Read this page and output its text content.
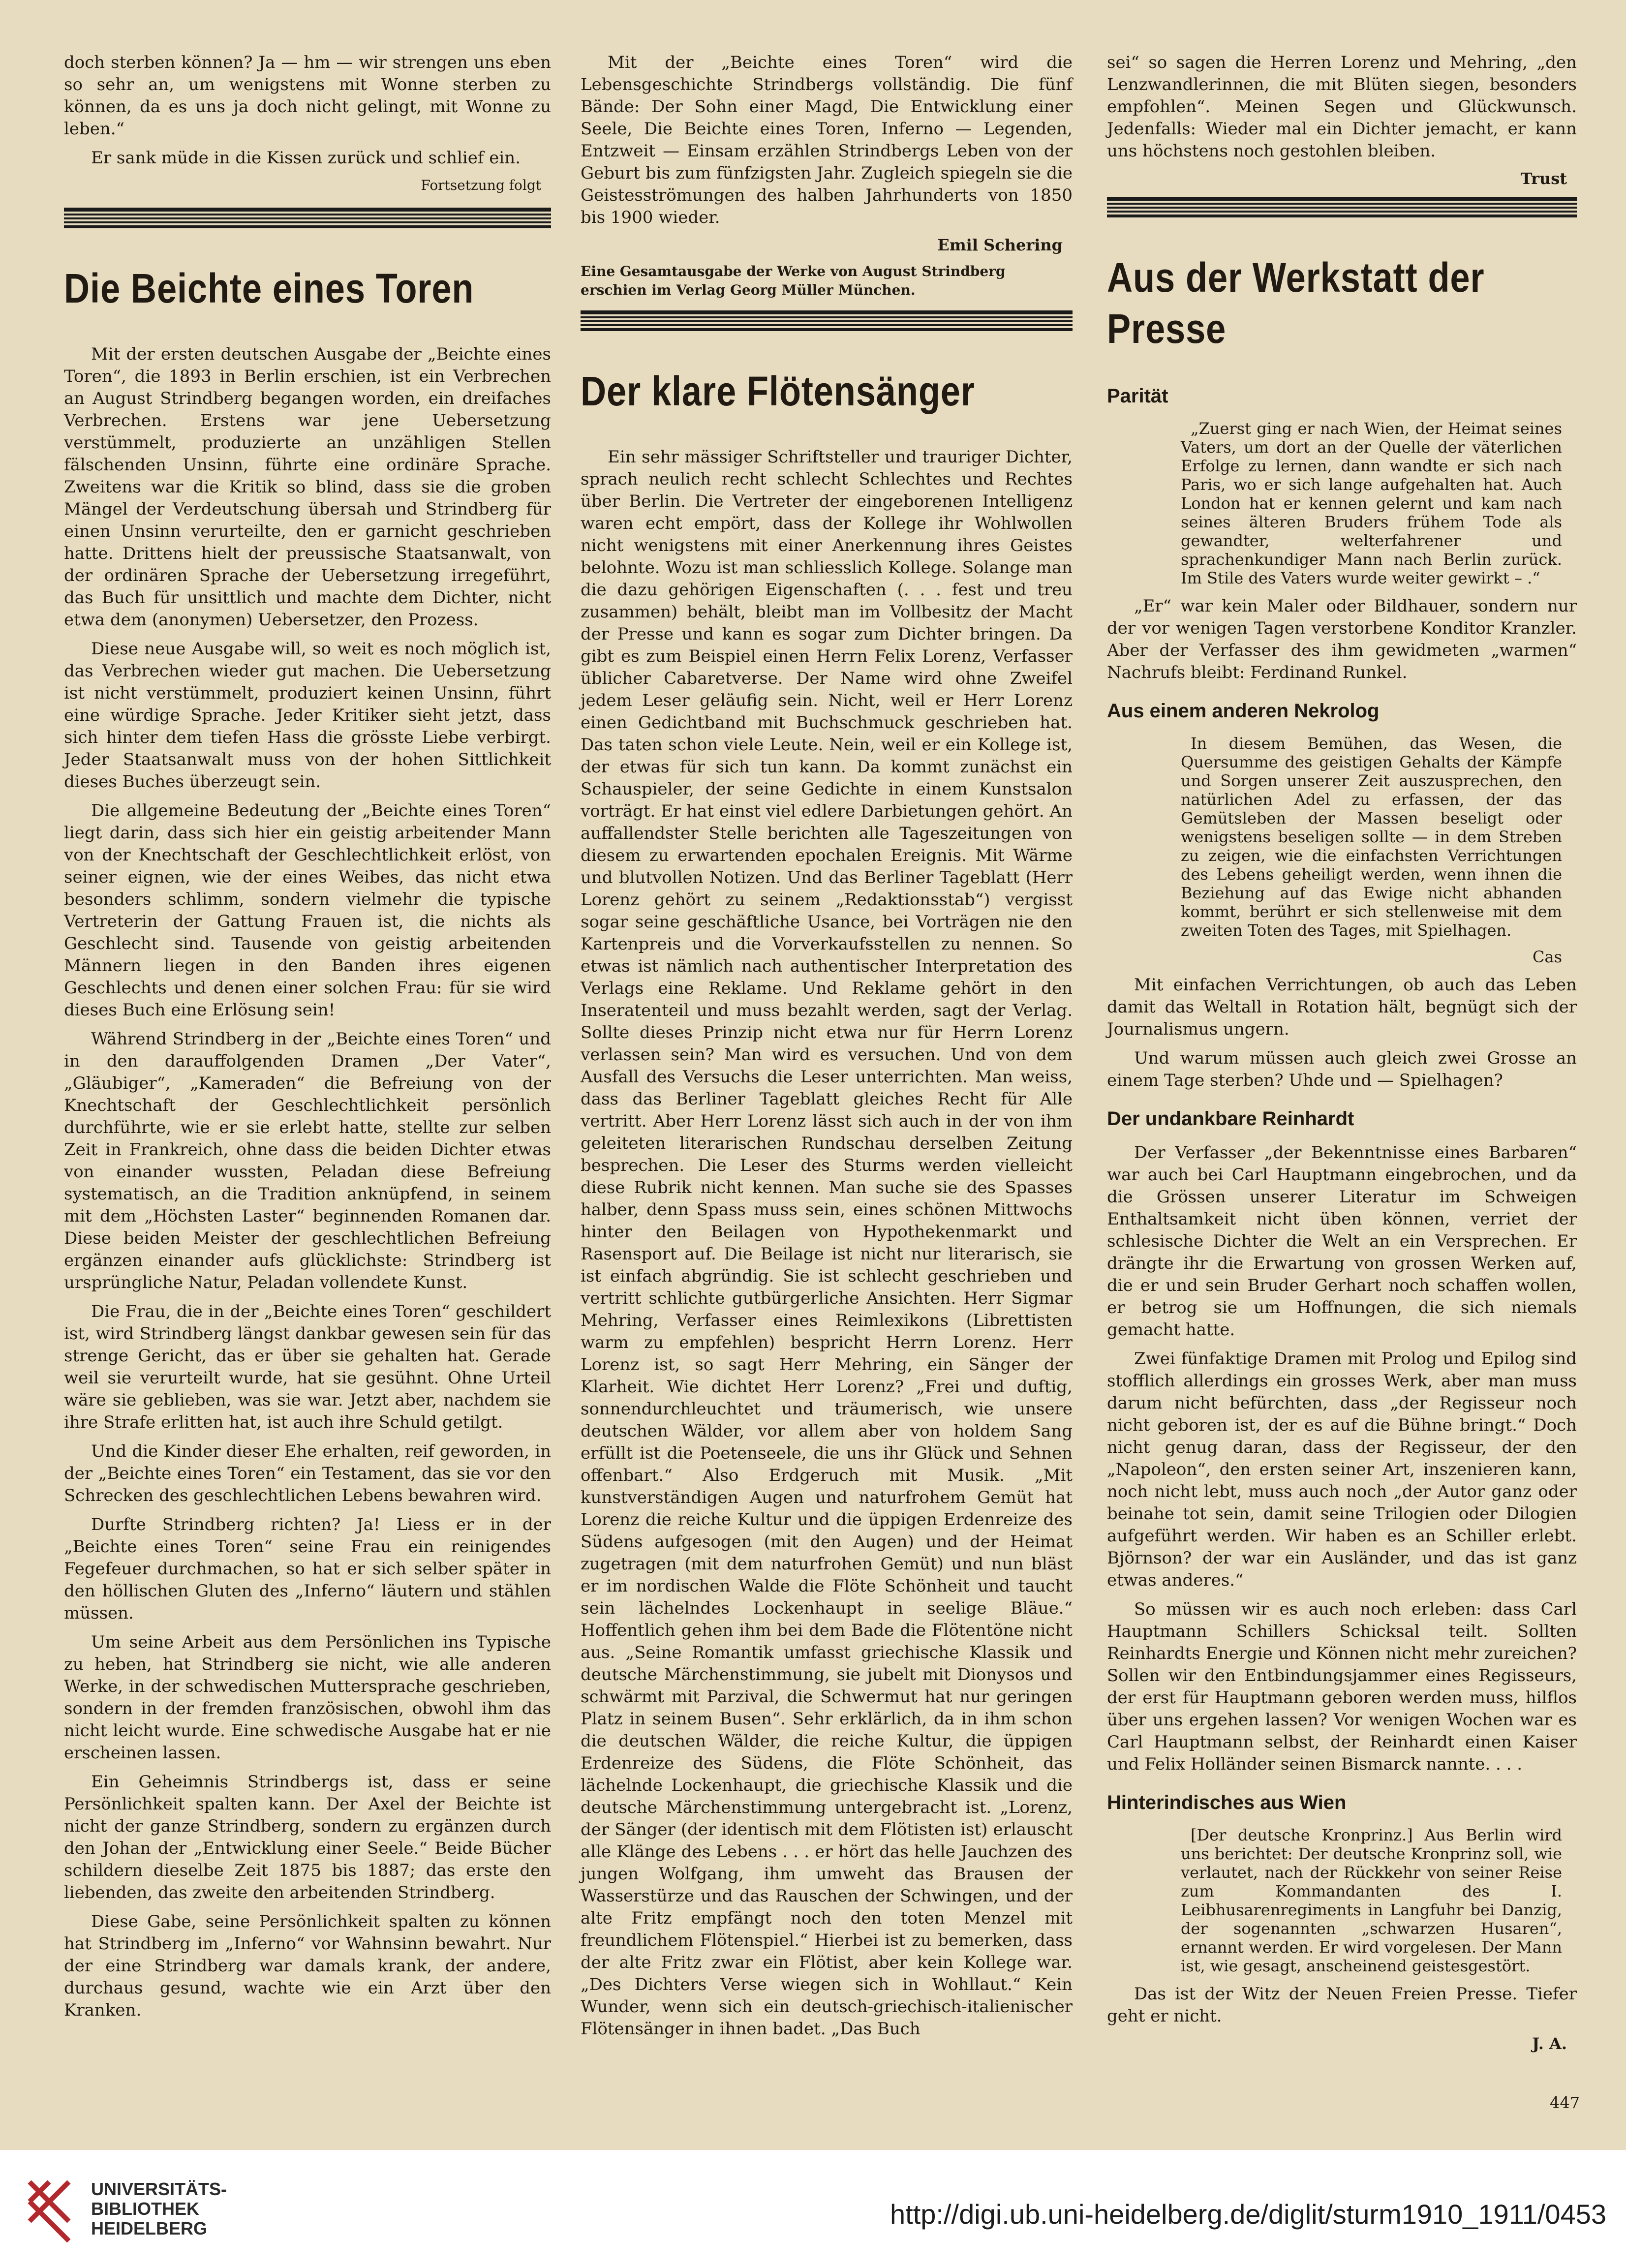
doch sterben können? Ja — hm — wir strengen uns eben so sehr an, um wenigstens mit Wonne sterben zu können, da es uns ja doch nicht gelingt, mit Wonne zu leben.“

Er sank müde in die Kissen zurück und schlief ein.

Fortsetzung folgt
Die Beichte eines Toren

Mit der ersten deutschen Ausgabe der „Beichte eines Toren“, die 1893 in Berlin erschien, ist ein Verbrechen an August Strindberg begangen worden, ein dreifaches Verbrechen. Erstens war jene Uebersetzung verstümmelt, produzierte an unzähligen Stellen fälschenden Unsinn, führte eine ordinäre Sprache. Zweitens war die Kritik so blind, dass sie die groben Mängel der Verdeutschung übersah und Strindberg für einen Unsinn verurteilte, den er garnicht geschrieben hatte. Drittens hielt der preussische Staatsanwalt, von der ordinären Sprache der Uebersetzung irregeführt, das Buch für unsittlich und machte dem Dichter, nicht etwa dem (anonymen) Uebersetzer, den Prozess.

Diese neue Ausgabe will, so weit es noch möglich ist, das Verbrechen wieder gut machen. Die Uebersetzung ist nicht verstümmelt, produziert keinen Unsinn, führt eine würdige Sprache. Jeder Kritiker sieht jetzt, dass sich hinter dem tiefen Hass die grösste Liebe verbirgt. Jeder Staatsanwalt muss von der hohen Sittlichkeit dieses Buches überzeugt sein.

Die allgemeine Bedeutung der „Beichte eines Toren“ liegt darin, dass sich hier ein geistig arbeitender Mann von der Knechtschaft der Geschlechtlichkeit erlöst, von seiner eignen, wie der eines Weibes, das nicht etwa besonders schlimm, sondern vielmehr die typische Vertreterin der Gattung Frauen ist, die nichts als Geschlecht sind. Tausende von geistig arbeitenden Männern liegen in den Banden ihres eigenen Geschlechts und denen einer solchen Frau: für sie wird dieses Buch eine Erlösung sein!

Während Strindberg in der „Beichte eines Toren“ und in den darauffolgenden Dramen „Der Vater“, „Gläubiger“, „Kameraden“ die Befreiung von der Knechtschaft der Geschlechtlichkeit persönlich durchführte, wie er sie erlebt hatte, stellte zur selben Zeit in Frankreich, ohne dass die beiden Dichter etwas von einander wussten, Peladan diese Befreiung systematisch, an die Tradition anknüpfend, in seinem mit dem „Höchsten Laster“ beginnenden Romanen dar. Diese beiden Meister der geschlechtlichen Befreiung ergänzen einander aufs glücklichste: Strindberg ist ursprüngliche Natur, Peladan vollendete Kunst.

Die Frau, die in der „Beichte eines Toren“ geschildert ist, wird Strindberg längst dankbar gewesen sein für das strenge Gericht, das er über sie gehalten hat. Gerade weil sie verurteilt wurde, hat sie gesühnt. Ohne Urteil wäre sie geblieben, was sie war. Jetzt aber, nachdem sie ihre Strafe erlitten hat, ist auch ihre Schuld getilgt.

Und die Kinder dieser Ehe erhalten, reif geworden, in der „Beichte eines Toren“ ein Testament, das sie vor den Schrecken des geschlechtlichen Lebens bewahren wird.

Durfte Strindberg richten? Ja! Liess er in der „Beichte eines Toren“ seine Frau ein reinigendes Fegefeuer durchmachen, so hat er sich selber später in den höllischen Gluten des „Inferno“ läutern und stählen müssen.

Um seine Arbeit aus dem Persönlichen ins Typische zu heben, hat Strindberg sie nicht, wie alle anderen Werke, in der schwedischen Muttersprache geschrieben, sondern in der fremden französischen, obwohl ihm das nicht leicht wurde. Eine schwedische Ausgabe hat er nie erscheinen lassen.

Ein Geheimnis Strindbergs ist, dass er seine Persönlichkeit spalten kann. Der Axel der Beichte ist nicht der ganze Strindberg, sondern zu ergänzen durch den Johan der „Entwicklung einer Seele.“ Beide Bücher schildern dieselbe Zeit 1875 bis 1887; das erste den liebenden, das zweite den arbeitenden Strindberg.

Diese Gabe, seine Persönlichkeit spalten zu können hat Strindberg im „Inferno“ vor Wahnsinn bewahrt. Nur der eine Strindberg war damals krank, der andere, durchaus gesund, wachte wie ein Arzt über den Kranken.

Mit der „Beichte eines Toren“ wird die Lebensgeschichte Strindbergs vollständig. Die fünf Bände: Der Sohn einer Magd, Die Entwicklung einer Seele, Die Beichte eines Toren, Inferno — Legenden, Entzweit — Einsam erzählen Strindbergs Leben von der Geburt bis zum fünfzigsten Jahr. Zugleich spiegeln sie die Geistesströmungen des halben Jahrhunderts von 1850 bis 1900 wieder.

Emil Schering
Eine Gesamtausgabe der Werke von August Strindberg erschien im Verlag Georg Müller München.
Der klare Flötensänger

Ein sehr mässiger Schriftsteller und trauriger Dichter, sprach neulich recht schlecht Schlechtes und Rechtes über Berlin. Die Vertreter der eingeborenen Intelligenz waren echt empört, dass der Kollege ihr Wohlwollen nicht wenigstens mit einer Anerkennung ihres Geistes belohnte. Wozu ist man schliesslich Kollege. Solange man die dazu gehörigen Eigenschaften (. . . fest und treu zusammen) behält, bleibt man im Vollbesitz der Macht der Presse und kann es sogar zum Dichter bringen. Da gibt es zum Beispiel einen Herrn Felix Lorenz, Verfasser üblicher Cabaretverse. Der Name wird ohne Zweifel jedem Leser geläufig sein. Nicht, weil er Herr Lorenz einen Gedichtband mit Buchschmuck geschrieben hat. Das taten schon viele Leute. Nein, weil er ein Kollege ist, der etwas für sich tun kann. Da kommt zunächst ein Schauspieler, der seine Gedichte in einem Kunstsalon vorträgt. Er hat einst viel edlere Darbietungen gehört. An auffallendster Stelle berichten alle Tageszeitungen von diesem zu erwartenden epochalen Ereignis. Mit Wärme und blutvollen Notizen. Und das Berliner Tageblatt (Herr Lorenz gehört zu seinem „Redaktionsstab“) vergisst sogar seine geschäftliche Usance, bei Vorträgen nie den Kartenpreis und die Vorverkaufsstellen zu nennen. So etwas ist nämlich nach authentischer Interpretation des Verlags eine Reklame. Und Reklame gehört in den Inseratenteil und muss bezahlt werden, sagt der Verlag. Sollte dieses Prinzip nicht etwa nur für Herrn Lorenz verlassen sein? Man wird es versuchen. Und von dem Ausfall des Versuchs die Leser unterrichten. Man weiss, dass das Berliner Tageblatt gleiches Recht für Alle vertritt. Aber Herr Lorenz lässt sich auch in der von ihm geleiteten literarischen Rundschau derselben Zeitung besprechen. Die Leser des Sturms werden vielleicht diese Rubrik nicht kennen. Man suche sie des Spasses halber, denn Spass muss sein, eines schönen Mittwochs hinter den Beilagen von Hypothekenmarkt und Rasensport auf. Die Beilage ist nicht nur literarisch, sie ist einfach abgründig. Sie ist schlecht geschrieben und vertritt schlichte gutbürgerliche Ansichten. Herr Sigmar Mehring, Verfasser eines Reimlexikons (Librettisten warm zu empfehlen) bespricht Herrn Lorenz. Herr Lorenz ist, so sagt Herr Mehring, ein Sänger der Klarheit. Wie dichtet Herr Lorenz? „Frei und duftig, sonnendurchleuchtet und träumerisch, wie unsere deutschen Wälder, vor allem aber von holdem Sang erfüllt ist die Poetenseele, die uns ihr Glück und Sehnen offenbart.“ Also Erdgeruch mit Musik. „Mit kunstverständigen Augen und naturfrohem Gemüt hat Lorenz die reiche Kultur und die üppigen Erdenreize des Südens aufgesogen (mit den Augen) und der Heimat zugetragen (mit dem naturfrohen Gemüt) und nun bläst er im nordischen Walde die Flöte Schönheit und taucht sein lächelndes Lockenhaupt in seelige Bläue.“ Hoffentlich gehen ihm bei dem Bade die Flötentöne nicht aus. „Seine Romantik umfasst griechische Klassik und deutsche Märchenstimmung, sie jubelt mit Dionysos und schwärmt mit Parzival, die Schwermut hat nur geringen Platz in seinem Busen“. Sehr erklärlich, da in ihm schon die deutschen Wälder, die reiche Kultur, die üppigen Erdenreize des Südens, die Flöte Schönheit, das lächelnde Lockenhaupt, die griechische Klassik und die deutsche Märchenstimmung untergebracht ist. „Lorenz, der Sänger (der identisch mit dem Flötisten ist) erlauscht alle Klänge des Lebens . . . er hört das helle Jauchzen des jungen Wolfgang, ihm umweht das Brausen der Wasserstürze und das Rauschen der Schwingen, und der alte Fritz empfängt noch den toten Menzel mit freundlichem Flötenspiel.“ Hierbei ist zu bemerken, dass der alte Fritz zwar ein Flötist, aber kein Kollege war. „Des Dichters Verse wiegen sich in Wohllaut.“ Kein Wunder, wenn sich ein deutsch-griechisch-italienischer Flötensänger in ihnen badet. „Das Buch

sei“ so sagen die Herren Lorenz und Mehring, „den Lenzwandlerinnen, die mit Blüten siegen, besonders empfohlen“. Meinen Segen und Glückwunsch. Jedenfalls: Wieder mal ein Dichter jemacht, er kann uns höchstens noch gestohlen bleiben.

Trust
Aus der Werkstatt der Presse
Parität
„Zuerst ging er nach Wien, der Heimat seines Vaters, um dort an der Quelle der väterlichen Erfolge zu lernen, dann wandte er sich nach Paris, wo er sich lange aufgehalten hat. Auch London hat er kennen gelernt und kam nach seines älteren Bruders frühem Tode als gewandter, welterfahrener und sprachenkundiger Mann nach Berlin zurück. Im Stile des Vaters wurde weiter gewirkt – .“

„Er“ war kein Maler oder Bildhauer, sondern nur der vor wenigen Tagen verstorbene Konditor Kranzler. Aber der Verfasser des ihm gewidmeten „warmen“ Nachrufs bleibt: Ferdinand Runkel.

Aus einem anderen Nekrolog
In diesem Bemühen, das Wesen, die Quersumme des geistigen Gehalts der Kämpfe und Sorgen unserer Zeit auszusprechen, den natürlichen Adel zu erfassen, der das Gemütsleben der Massen beseligt oder wenigstens beseligen sollte — in dem Streben zu zeigen, wie die einfachsten Verrichtungen des Lebens geheiligt werden, wenn ihnen die Beziehung auf das Ewige nicht abhanden kommt, berührt er sich stellenweise mit dem zweiten Toten des Tages, mit Spielhagen.
Cas

Mit einfachen Verrichtungen, ob auch das Leben damit das Weltall in Rotation hält, begnügt sich der Journalismus ungern.

Und warum müssen auch gleich zwei Grosse an einem Tage sterben? Uhde und — Spielhagen?

Der undankbare Reinhardt

Der Verfasser „der Bekenntnisse eines Barbaren“ war auch bei Carl Hauptmann eingebrochen, und da die Grössen unserer Literatur im Schweigen Enthaltsamkeit nicht üben können, verriet der schlesische Dichter die Welt an ein Versprechen. Er drängte ihr die Erwartung von grossen Werken auf, die er und sein Bruder Gerhart noch schaffen wollen, er betrog sie um Hoffnungen, die sich niemals gemacht hatte.

Zwei fünfaktige Dramen mit Prolog und Epilog sind stofflich allerdings ein grosses Werk, aber man muss darum nicht befürchten, dass „der Regisseur noch nicht geboren ist, der es auf die Bühne bringt.“ Doch nicht genug daran, dass der Regisseur, der den „Napoleon“, den ersten seiner Art, inszenieren kann, noch nicht lebt, muss auch noch „der Autor ganz oder beinahe tot sein, damit seine Trilogien oder Dilogien aufgeführt werden. Wir haben es an Schiller erlebt. Björnson? der war ein Ausländer, und das ist ganz etwas anderes.“

So müssen wir es auch noch erleben: dass Carl Hauptmann Schillers Schicksal teilt. Sollten Reinhardts Energie und Können nicht mehr zureichen? Sollen wir den Entbindungsjammer eines Regisseurs, der erst für Hauptmann geboren werden muss, hilflos über uns ergehen lassen? Vor wenigen Wochen war es Carl Hauptmann selbst, der Reinhardt einen Kaiser und Felix Holländer seinen Bismarck nannte. . . .

Hinterindisches aus Wien
[Der deutsche Kronprinz.] Aus Berlin wird uns berichtet: Der deutsche Kronprinz soll, wie verlautet, nach der Rückkehr von seiner Reise zum Kommandanten des I. Leibhusarenregiments in Langfuhr bei Danzig, der sogenannten „schwarzen Husaren“, ernannt werden. Er wird vorgelesen. Der Mann ist, wie gesagt, anscheinend geistesgestört.

Das ist der Witz der Neuen Freien Presse. Tiefer geht er nicht.

J. A.
447
UNIVERSITÄTS-
BIBLIOTHEK
HEIDELBERG	http://digi.ub.uni-heidelberg.de/diglit/sturm1910_1911/0453
